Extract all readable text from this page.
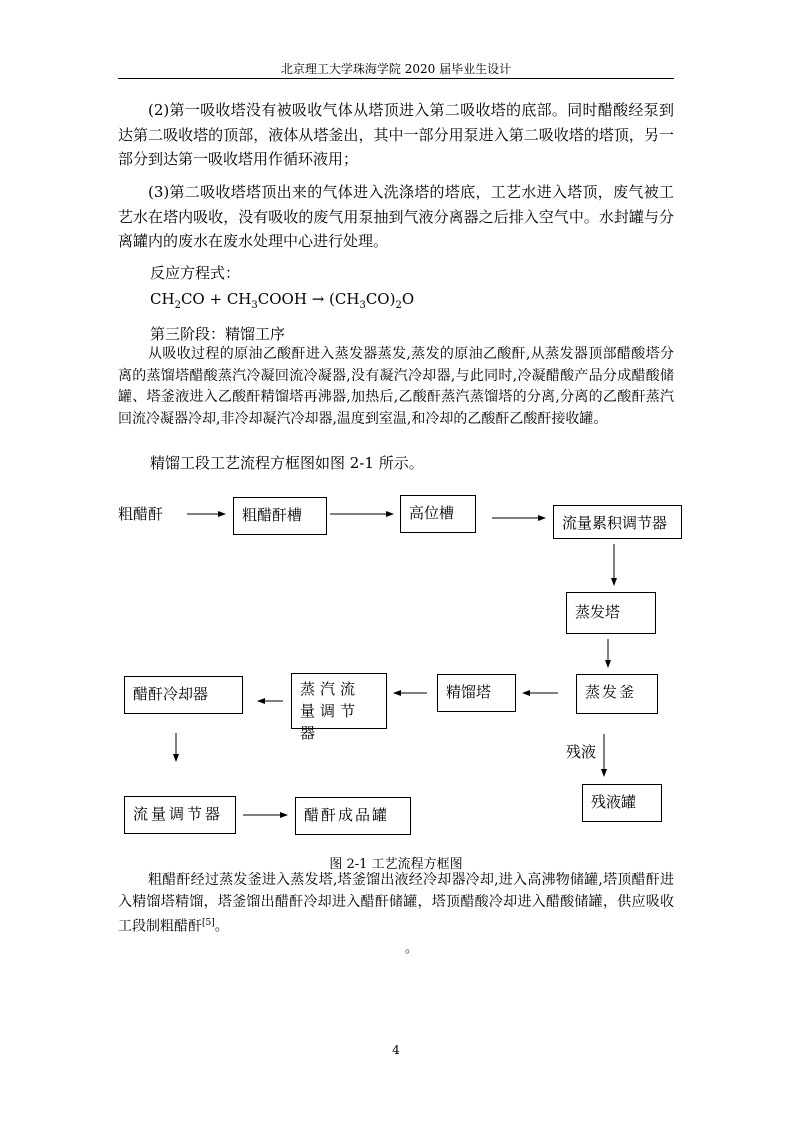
北京理工大学珠海学院 2020 届毕业生设计
(2)第一吸收塔没有被吸收气体从塔顶进入第二吸收塔的底部。同时醋酸经泵到达第二吸收塔的顶部，液体从塔釜出，其中一部分用泵进入第二吸收塔的塔顶，另一部分到达第一吸收塔用作循环液用；
(3)第二吸收塔塔顶出来的气体进入洗涤塔的塔底，工艺水进入塔顶，废气被工艺水在塔内吸收，没有吸收的废气用泵抽到气液分离器之后排入空气中。水封罐与分离罐内的废水在废水处理中心进行处理。
反应方程式：
$CH_2CO$ + $CH_3COOH \to (CH_3CO)_2O$
第三阶段：精馏工序
从吸收过程的原油乙酸酐进入蒸发器蒸发,蒸发的原油乙酸酐,从蒸发器顶部醋酸塔分离的蒸馏塔醋酸蒸汽冷凝回流冷凝器,没有凝汽冷却器,与此同时,冷凝醋酸产品分成醋酸储罐、塔釜液进入乙酸酐精馏塔再沸器,加热后,乙酸酐蒸汽蒸馏塔的分离,分离的乙酸酐蒸汽回流冷凝器冷却,非冷却凝汽冷却器,温度到室温,和冷却的乙酸酐乙酸酐接收罐。
精馏工段工艺流程方框图如图 2-1 所示。
粗醋酐	粗醋酐槽	高位槽
流量累积调节器
蒸发塔
蒸发釜
精馏塔
蒸汽流量调节器
醋酐冷却器
残液
残液罐
流量调节器	醋酐成品罐
图 2-1 工艺流程方框图
粗醋酐经过蒸发釜进入蒸发塔,塔釜馏出液经冷却器冷却,进入高沸物储罐,塔顶醋酐进入精馏塔精馏，塔釜馏出醋酐冷却进入醋酐储罐，塔顶醋酸冷却进入醋酸储罐，供应吸收工段制粗醋酐[5]。
。
4
